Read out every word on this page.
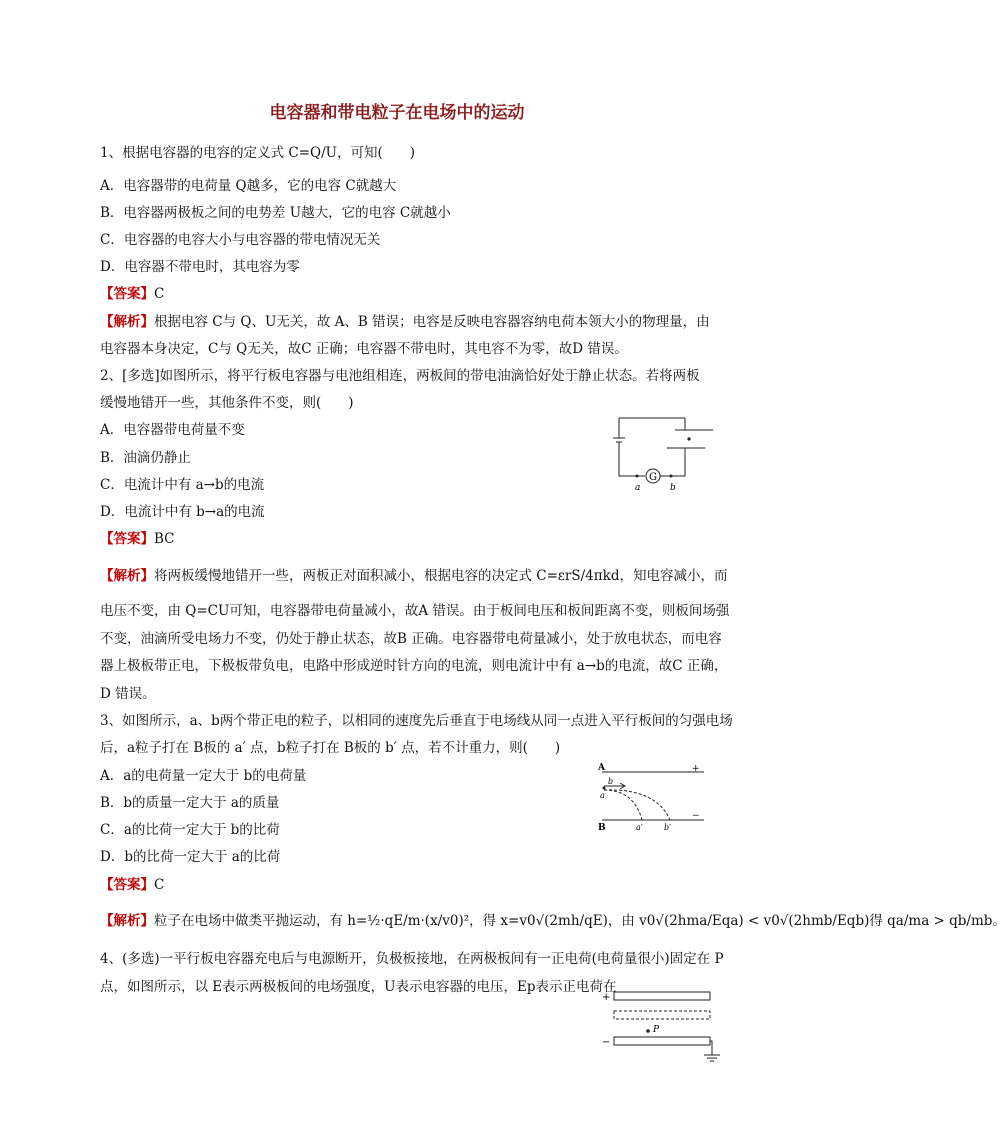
电容器和带电粒子在电场中的运动
1、根据电容器的电容的定义式 C=Q/U，可知(　　)
A．电容器带的电荷量 Q越多，它的电容 C就越大
B．电容器两极板之间的电势差 U越大，它的电容 C就越小
C．电容器的电容大小与电容器的带电情况无关
D．电容器不带电时，其电容为零
【答案】C
【解析】根据电容 C与 Q、U无关，故 A、B 错误；电容是反映电容器容纳电荷本领大小的物理量，由
电容器本身决定，C与 Q无关，故C 正确；电容器不带电时，其电容不为零，故D 错误。
2、[多选]如图所示，将平行板电容器与电池组相连，两板间的带电油滴恰好处于静止状态。若将两板
缓慢地错开一些，其他条件不变，则(　　)
A．电容器带电荷量不变
B．油滴仍静止
C．电流计中有 a→b的电流
D．电流计中有 b→a的电流
【答案】BC
G
a	b
【解析】将两板缓慢地错开一些，两板正对面积减小，根据电容的决定式 C=εrS/4πkd，知电容减小，而
电压不变，由 Q=CU可知，电容器带电荷量减小，故A 错误。由于板间电压和板间距离不变，则板间场强
不变，油滴所受电场力不变，仍处于静止状态，故B 正确。电容器带电荷量减小，处于放电状态，而电容
器上极板带正电，下极板带负电，电路中形成逆时针方向的电流，则电流计中有 a→b的电流，故C 正确，
D 错误。
3、如图所示，a、b两个带正电的粒子，以相同的速度先后垂直于电场线从同一点进入平行板间的匀强电场
后，a粒子打在 B板的 a′ 点，b粒子打在 B板的 b′ 点，若不计重力，则(　　)
A．a的电荷量一定大于 b的电荷量
B．b的质量一定大于 a的质量
C．a的比荷一定大于 b的比荷
D．b的比荷一定大于 a的比荷
【答案】C
A	+
b
a
B
−
a′	b′
【解析】粒子在电场中做类平抛运动，有 h=½·qE/m·(x/v0)²，得 x=v0√(2mh/qE)，由 v0√(2hma/Eqa) < v0√(2hmb/Eqb)得 qa/ma > qb/mb。
4、(多选)一平行板电容器充电后与电源断开，负极板接地，在两极板间有一正电荷(电荷量很小)固定在 P
点，如图所示，以 E表示两极板间的电场强度，U表示电容器的电压，Ep表示正电荷在
+
−
P
